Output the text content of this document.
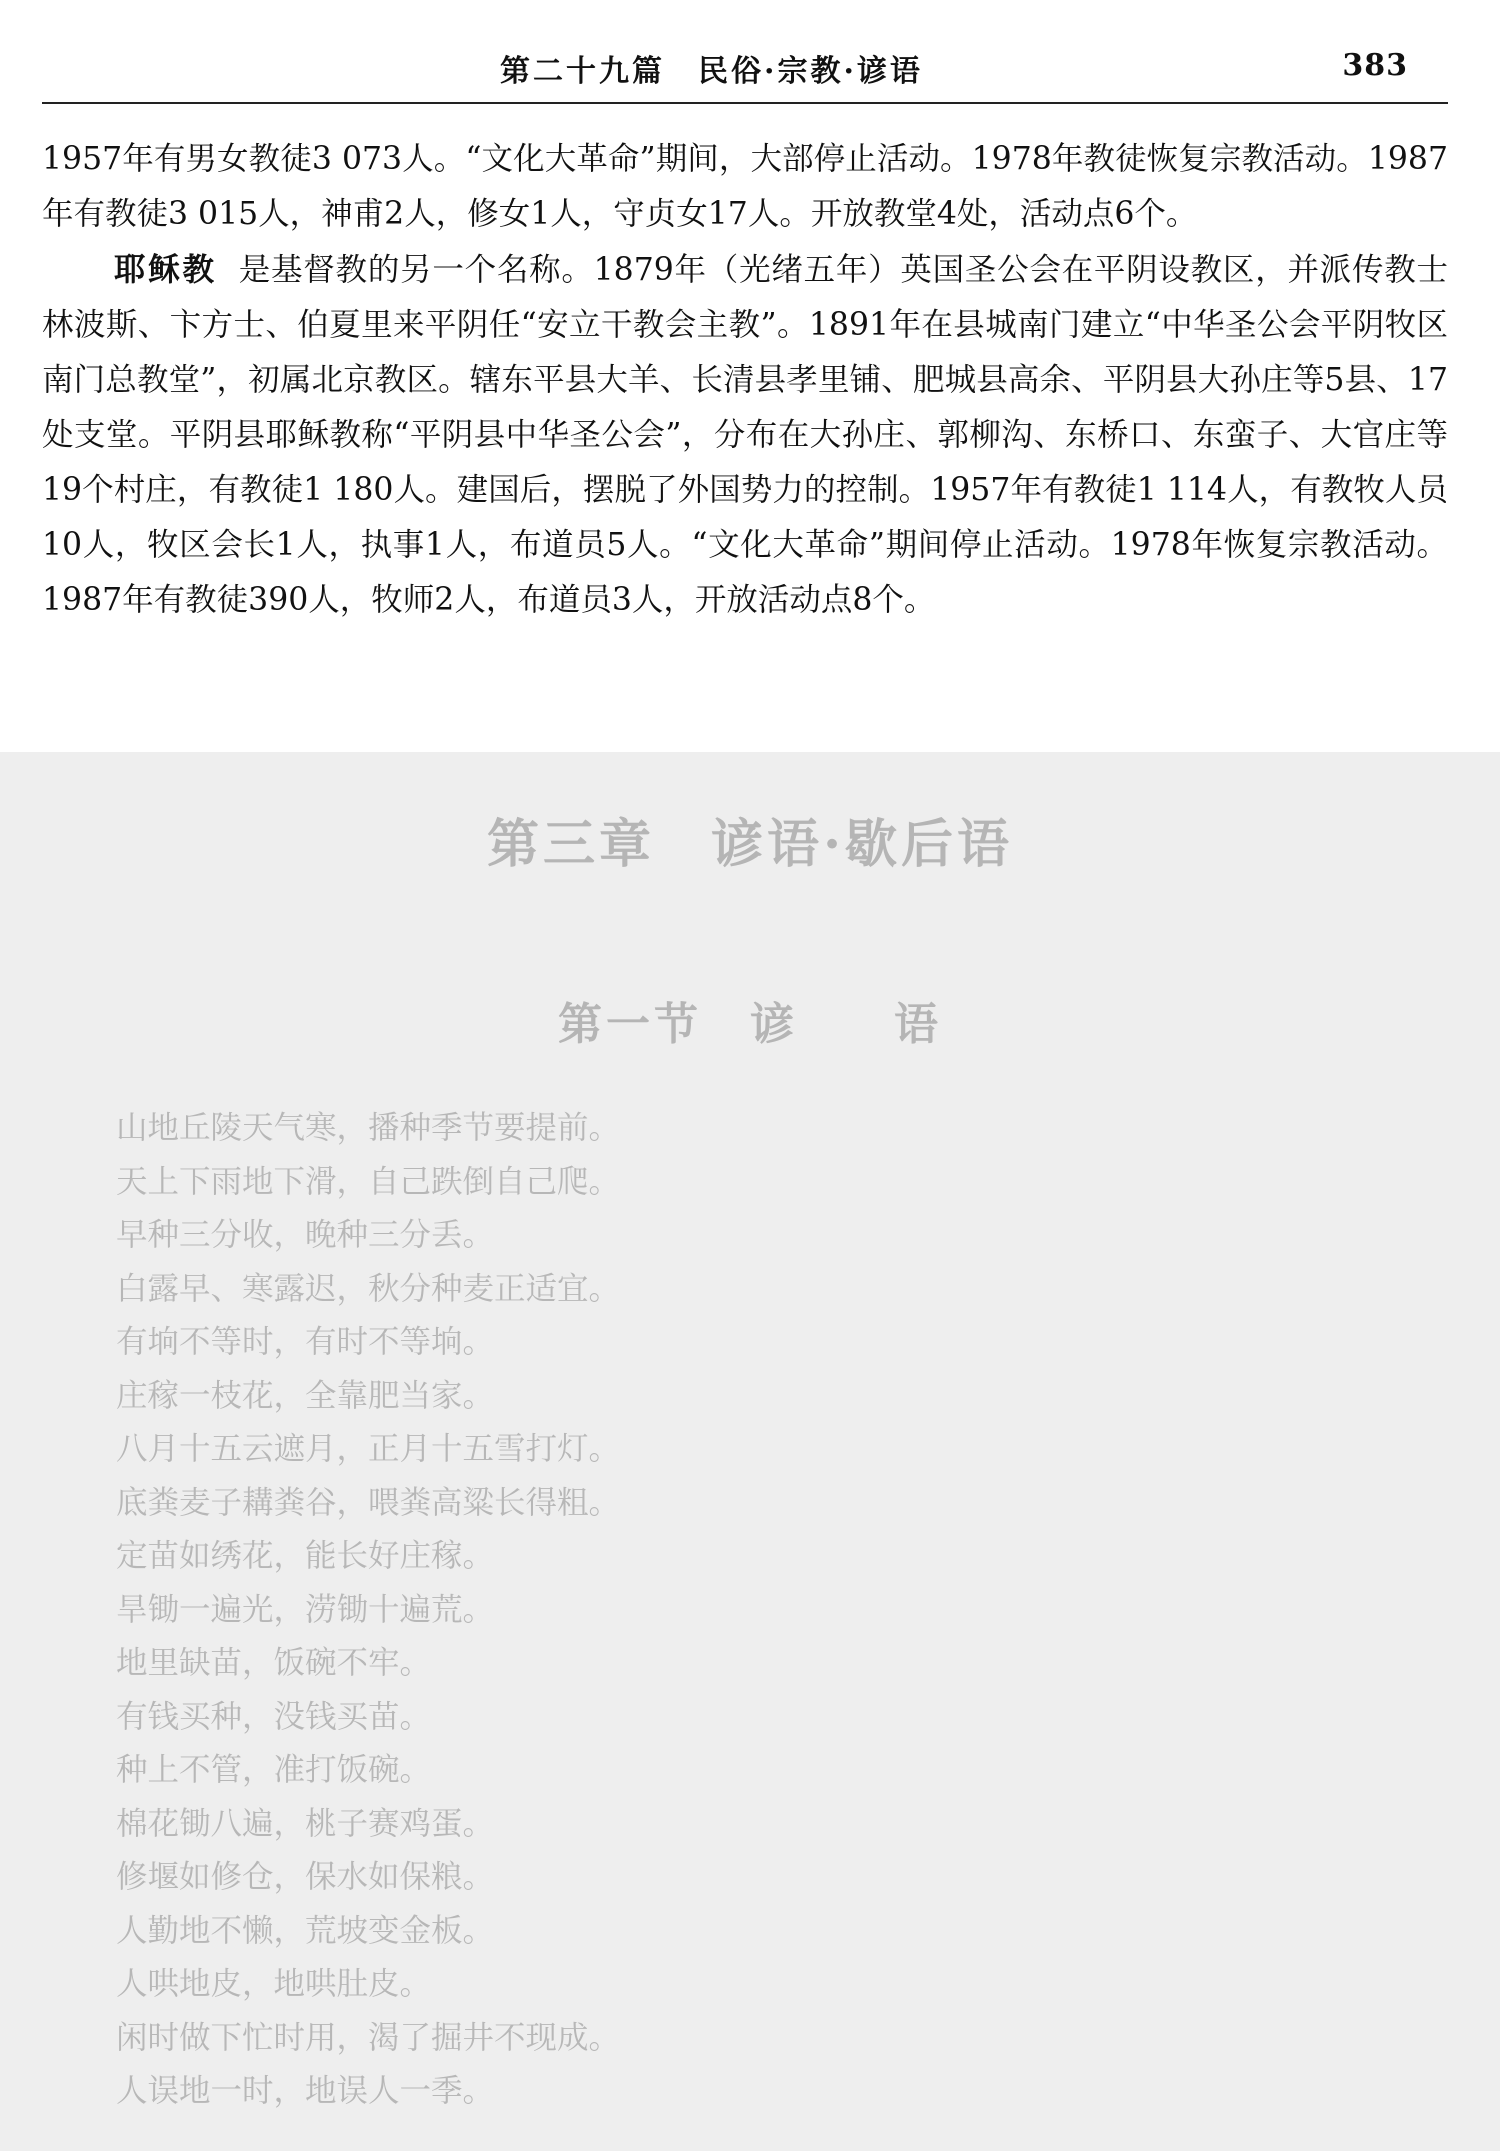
第二十九篇　民俗·宗教·谚语	383

1957年有男女教徒3 073人。“文化大革命”期间，大部停止活动。1978年教徒恢复宗教活动。1987年有教徒3 015人，神甫2人，修女1人，守贞女17人。开放教堂4处，活动点6个。

耶稣教 是基督教的另一个名称。1879年（光绪五年）英国圣公会在平阴设教区，并派传教士林波斯、卞方士、伯夏里来平阴任“安立干教会主教”。1891年在县城南门建立“中华圣公会平阴牧区南门总教堂”，初属北京教区。辖东平县大羊、长清县孝里铺、肥城县高余、平阴县大孙庄等5县、17处支堂。平阴县耶稣教称“平阴县中华圣公会”，分布在大孙庄、郭柳沟、东桥口、东蛮子、大官庄等19个村庄，有教徒1 180人。建国后，摆脱了外国势力的控制。1957年有教徒1 114人，有教牧人员10人，牧区会长1人，执事1人，布道员5人。“文化大革命”期间停止活动。1978年恢复宗教活动。1987年有教徒390人，牧师2人，布道员3人，开放活动点8个。

第三章　谚语·歇后语
第一节　谚　　语
山地丘陵天气寒，播种季节要提前。
天上下雨地下滑，自己跌倒自己爬。
早种三分收，晚种三分丢。
白露早、寒露迟，秋分种麦正适宜。
有垧不等时，有时不等垧。
庄稼一枝花，全靠肥当家。
八月十五云遮月，正月十五雪打灯。
底粪麦子耩粪谷，喂粪高粱长得粗。
定苗如绣花，能长好庄稼。
旱锄一遍光，涝锄十遍荒。
地里缺苗，饭碗不牢。
有钱买种，没钱买苗。
种上不管，准打饭碗。
棉花锄八遍，桃子赛鸡蛋。
修堰如修仓，保水如保粮。
人勤地不懒，荒坡变金板。
人哄地皮，地哄肚皮。
闲时做下忙时用，渴了掘井不现成。
人误地一时，地误人一季。
